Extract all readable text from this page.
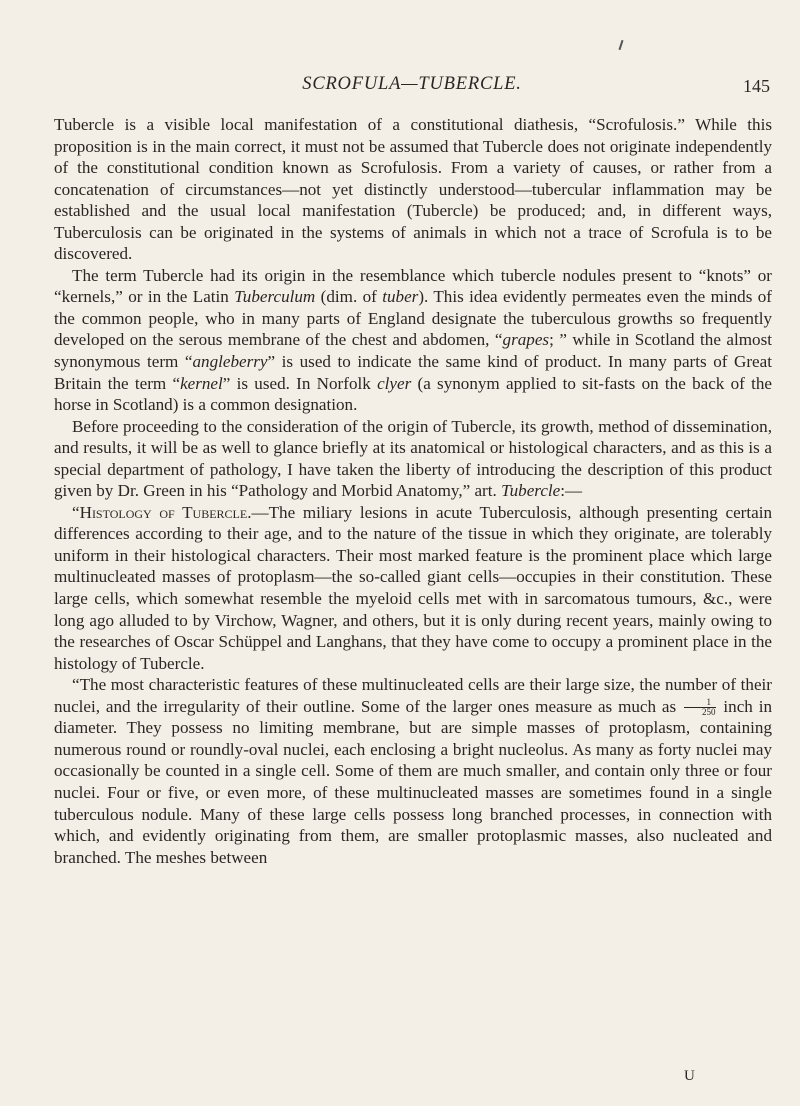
SCROFULA—TUBERCLE.	145

Tubercle is a visible local manifestation of a constitutional diathesis, “Scrofulosis.” While this proposition is in the main correct, it must not be assumed that Tubercle does not originate independently of the constitutional condition known as Scrofulosis. From a variety of causes, or rather from a concatenation of circumstances—not yet distinctly understood—tubercular inflammation may be established and the usual local manifestation (Tubercle) be produced; and, in different ways, Tuberculosis can be originated in the systems of animals in which not a trace of Scrofula is to be discovered.

The term Tubercle had its origin in the resemblance which tubercle nodules present to “knots” or “kernels,” or in the Latin Tuberculum (dim. of tuber). This idea evidently permeates even the minds of the common people, who in many parts of England designate the tuberculous growths so frequently developed on the serous membrane of the chest and abdomen, “grapes; ” while in Scotland the almost synonymous term “angleberry” is used to indicate the same kind of product. In many parts of Great Britain the term “kernel” is used. In Norfolk clyer (a synonym applied to sit-fasts on the back of the horse in Scotland) is a common designation.

Before proceeding to the consideration of the origin of Tubercle, its growth, method of dissemination, and results, it will be as well to glance briefly at its anatomical or histological characters, and as this is a special department of pathology, I have taken the liberty of introducing the description of this product given by Dr. Green in his “Pathology and Morbid Anatomy,” art. Tubercle:—

“Histology of Tubercle.—The miliary lesions in acute Tuberculosis, although presenting certain differences according to their age, and to the nature of the tissue in which they originate, are tolerably uniform in their histological characters. Their most marked feature is the prominent place which large multinucleated masses of protoplasm—the so-called giant cells—occupies in their constitution. These large cells, which somewhat resemble the myeloid cells met with in sarcomatous tumours, &c., were long ago alluded to by Virchow, Wagner, and others, but it is only during recent years, mainly owing to the researches of Oscar Schüppel and Langhans, that they have come to occupy a prominent place in the histology of Tubercle.

“The most characteristic features of these multinucleated cells are their large size, the number of their nuclei, and the irregularity of their outline. Some of the larger ones measure as much as $\frac{1}{250}$ inch in diameter. They possess no limiting membrane, but are simple masses of protoplasm, containing numerous round or roundly-oval nuclei, each enclosing a bright nucleolus. As many as forty nuclei may occasionally be counted in a single cell. Some of them are much smaller, and contain only three or four nuclei. Four or five, or even more, of these multinucleated masses are sometimes found in a single tuberculous nodule. Many of these large cells possess long branched processes, in connection with which, and evidently originating from them, are smaller protoplasmic masses, also nucleated and branched. The meshes between

U
